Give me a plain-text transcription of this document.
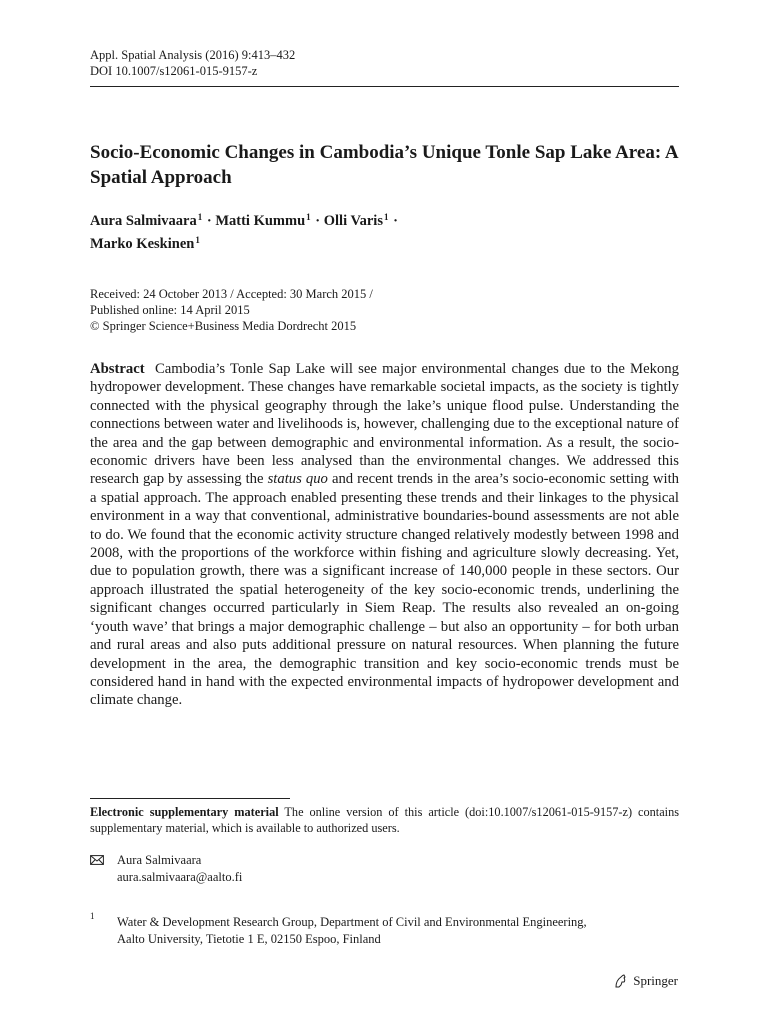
Appl. Spatial Analysis (2016) 9:413–432
DOI 10.1007/s12061-015-9157-z
Socio-Economic Changes in Cambodia’s Unique Tonle Sap Lake Area: A Spatial Approach
Aura Salmivaara$^1$ · Matti Kummu$^1$ · Olli Varis$^1$ ·
Marko Keskinen$^1$
Received: 24 October 2013 / Accepted: 30 March 2015 /
Published online: 14 April 2015
© Springer Science+Business Media Dordrecht 2015
Abstract Cambodia’s Tonle Sap Lake will see major environmental changes due to the Mekong hydropower development. These changes have remarkable societal impacts, as the society is tightly connected with the physical geography through the lake’s unique flood pulse. Understanding the connections between water and livelihoods is, however, challenging due to the exceptional nature of the area and the gap between demographic and environmental information. As a result, the socio-economic drivers have been less analysed than the environmental changes. We addressed this research gap by assessing the status quo and recent trends in the area’s socio-economic setting with a spatial approach. The approach enabled presenting these trends and their linkages to the physical environment in a way that conventional, administrative boundaries-bound assessments are not able to do. We found that the economic activity structure changed relatively modestly between 1998 and 2008, with the proportions of the workforce within fishing and agriculture slowly decreasing. Yet, due to population growth, there was a significant increase of 140,000 people in these sectors. Our approach illustrated the spatial heterogeneity of the key socio-economic trends, underlining the significant changes occurred particularly in Siem Reap. The results also revealed an on-going ‘youth wave’ that brings a major demographic challenge – but also an opportunity – for both urban and rural areas and also puts additional pressure on natural resources. When planning the future development in the area, the demographic transition and key socio-economic trends must be considered hand in hand with the expected environmental impacts of hydropower development and climate change.
Electronic supplementary material The online version of this article (doi:10.1007/s12061-015-9157-z) contains supplementary material, which is available to authorized users.
Aura Salmivaara
aura.salmivaara@aalto.fi
1 Water & Development Research Group, Department of Civil and Environmental Engineering,
Aalto University, Tietotie 1 E, 02150 Espoo, Finland
Springer
